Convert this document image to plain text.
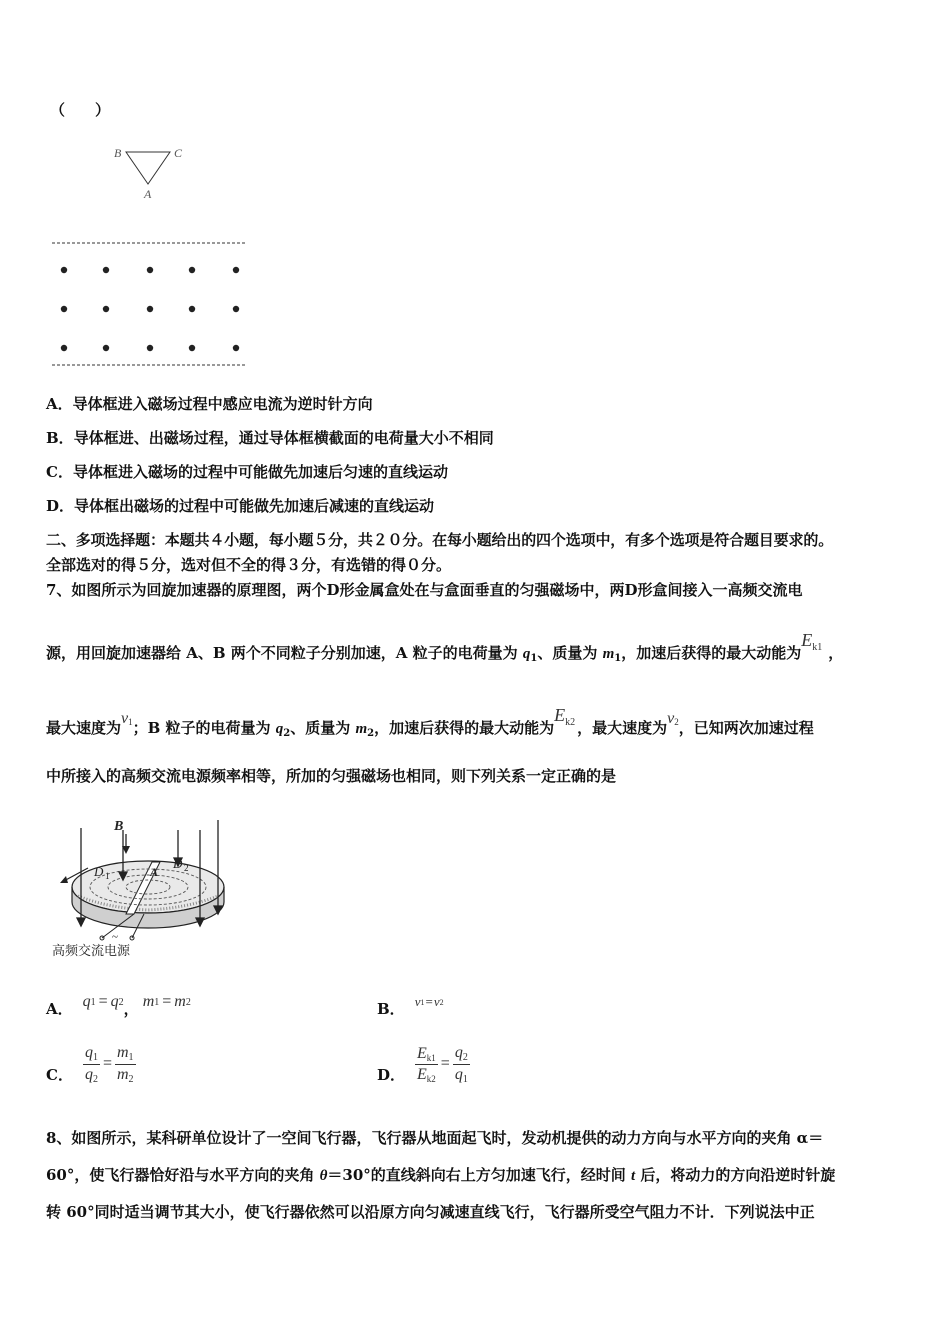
（　　）
B	C
A
A．导体框进入磁场过程中感应电流为逆时针方向
B．导体框进、出磁场过程，通过导体框横截面的电荷量大小不相同
C．导体框进入磁场的过程中可能做先加速后匀速的直线运动
D．导体框出磁场的过程中可能做先加速后减速的直线运动
二、多项选择题：本题共４小题，每小题５分，共２０分。在每小题给出的四个选项中，有多个选项是符合题目要求的。
全部选对的得５分，选对但不全的得３分，有选错的得０分。
7、如图所示为回旋加速器的原理图，两个D形金属盒处在与盒面垂直的匀强磁场中，两D形盒间接入一高频交流电
源，用回旋加速器给 A、B 两个不同粒子分别加速，A 粒子的电荷量为 $q_1$、质量为 $m_1$，加速后获得的最大动能为$E^{k1}$ ，
最大速度为$v^1$；B 粒子的电荷量为 $q_2$、质量为 $m_2$，加速后获得的最大动能为$E^{k2}$ ，最大速度为$v^2$，已知两次加速过程
中所接入的高频交流电源频率相等，所加的匀强磁场也相同，则下列关系一定正确的是
~
B
D 1
D 2
A
高频交流电源
A． q 1 = q 2 ， m 1 = m 2	B． v 1 = v 2
C． $\frac{q_1}{q_2} = \frac{m_1}{m_2}$	D． $\frac{E_{k1}}{E_{k2}} = \frac{q_2}{q_1}$
8、如图所示，某科研单位设计了一空间飞行器，飞行器从地面起飞时，发动机提供的动力方向与水平方向的夹角 α＝
60°，使飞行器恰好沿与水平方向的夹角 θ＝30°的直线斜向右上方匀加速飞行，经时间 t 后，将动力的方向沿逆时针旋
转 60°同时适当调节其大小，使飞行器依然可以沿原方向匀减速直线飞行，飞行器所受空气阻力不计．下列说法中正
